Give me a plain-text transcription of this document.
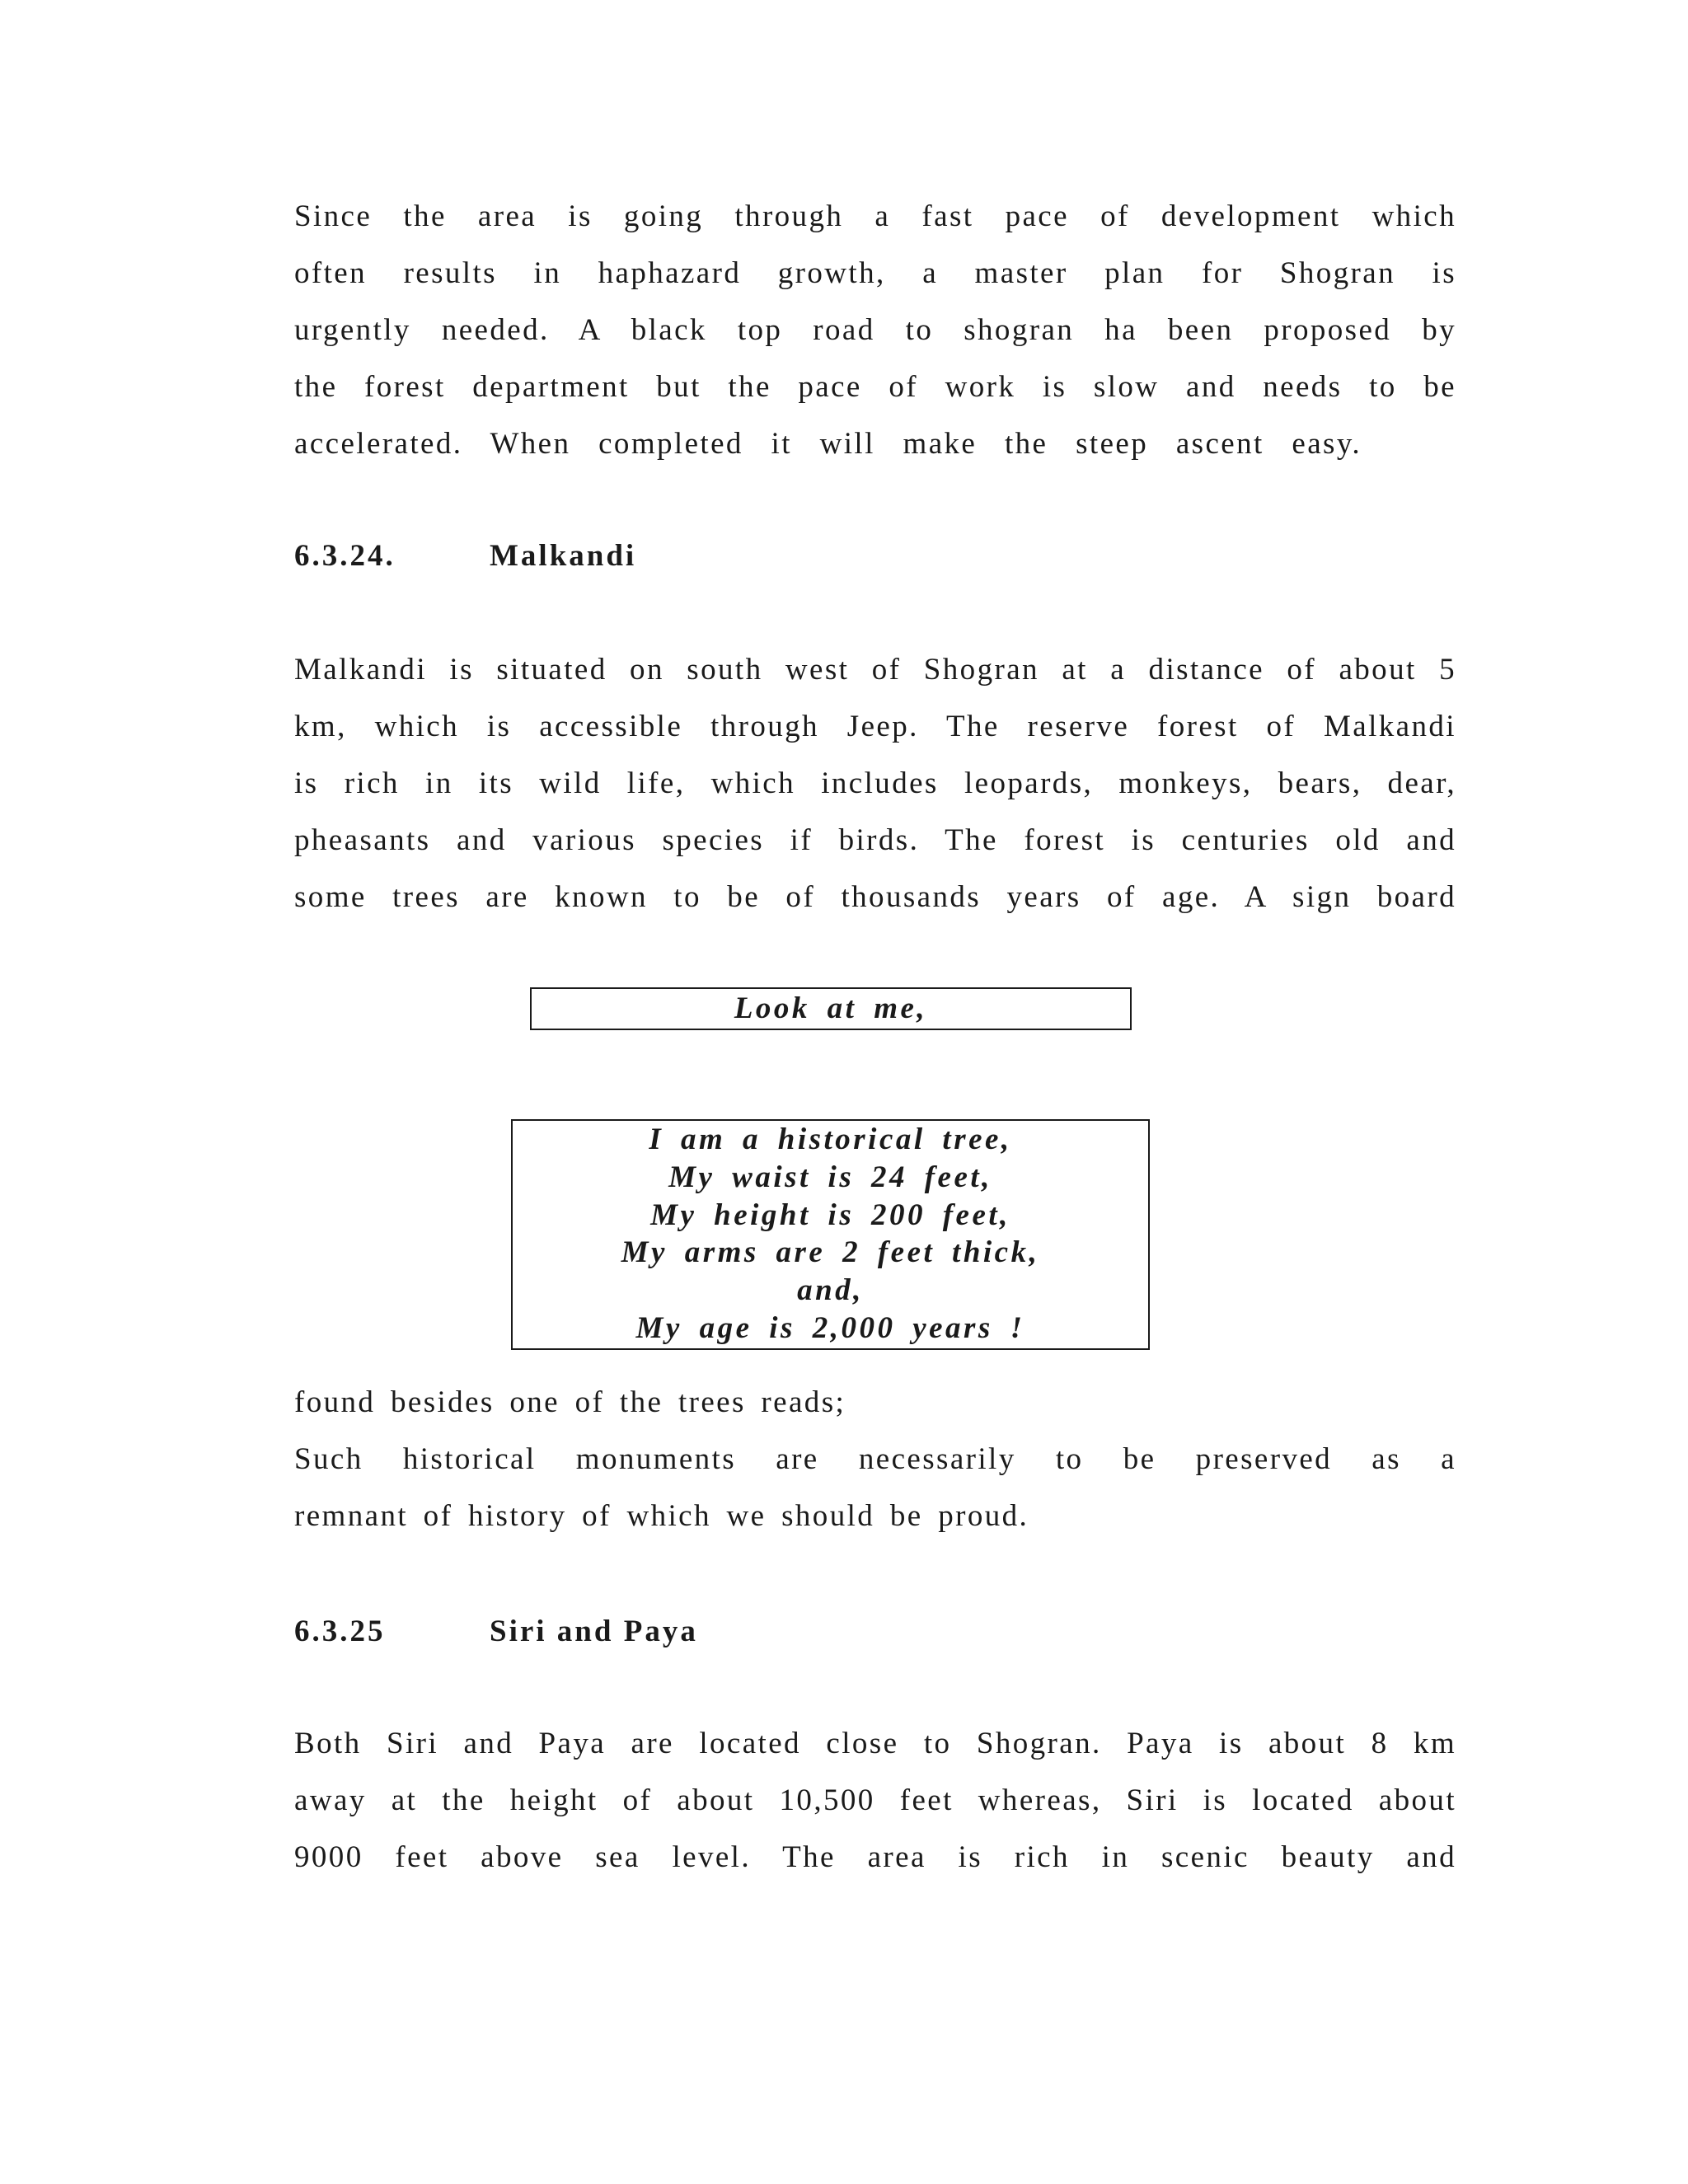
Since the area is going through a fast pace of development which
often results in haphazard growth, a master plan for Shogran is
urgently needed. A black top road to shogran ha been proposed by
the forest department but the pace of work is slow and needs to be
accelerated. When completed it will make the steep ascent easy.
6.3.24.	Malkandi
Malkandi is situated on south west of Shogran at a distance of about 5
km, which is accessible through Jeep. The reserve forest of Malkandi
is rich in its wild life, which includes leopards, monkeys, bears, dear,
pheasants and various species if birds. The forest is centuries old and
some trees are known to be of thousands years of age. A sign board
Look at me,
I am a historical tree,
My waist is 24 feet,
My height is 200 feet,
My arms are 2 feet thick,
and,
My age is 2,000 years !
found besides one of the trees reads;
Such historical monuments are necessarily to be preserved as a
remnant of history of which we should be proud.
6.3.25	Siri and Paya
Both Siri and Paya are located close to Shogran. Paya is about 8 km
away at the height of about 10,500 feet whereas, Siri is located about
9000 feet above sea level. The area is rich in scenic beauty and
